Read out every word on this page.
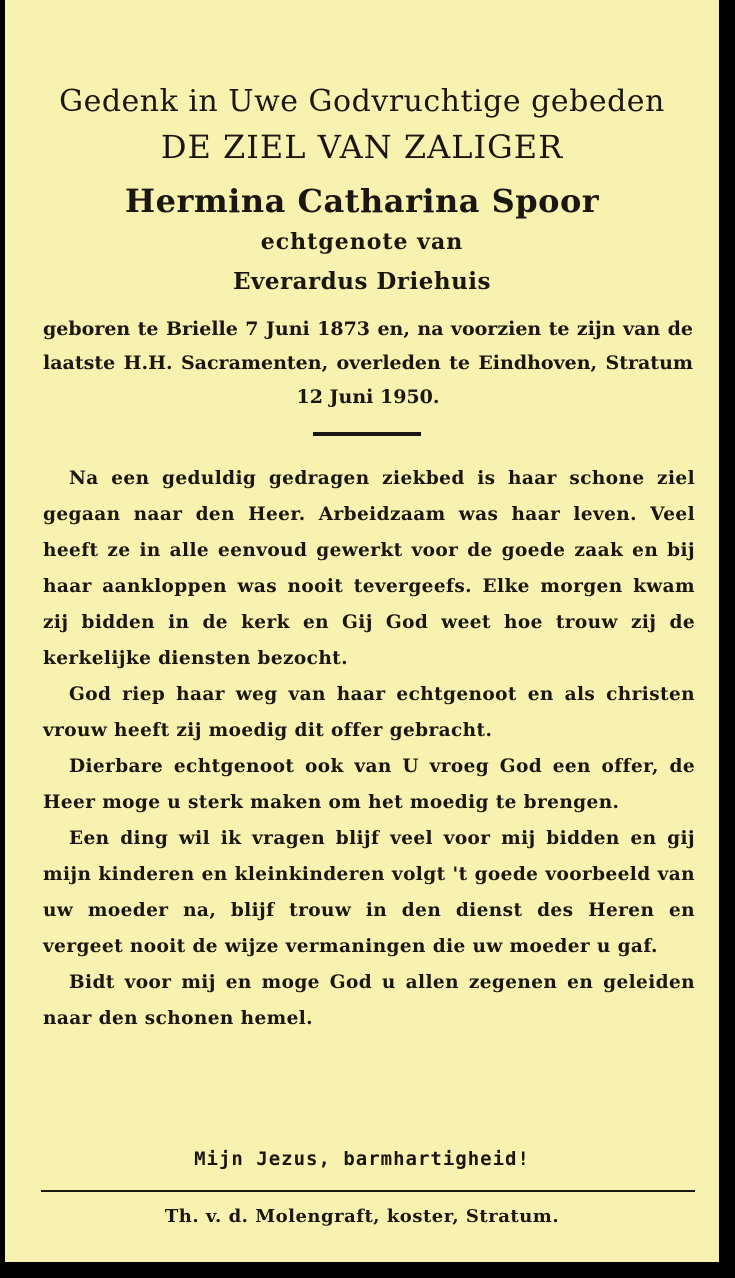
Gedenk in Uwe Godvruchtige gebeden
DE ZIEL VAN ZALIGER
Hermina Catharina Spoor
echtgenote van
Everardus Driehuis
geboren te Brielle 7 Juni 1873 en, na voorzien te zijn van de laatste H.H. Sacramenten, overleden te Eindhoven, Stratum 12 Juni 1950.

Na een geduldig gedragen ziekbed is haar schone ziel gegaan naar den Heer. Arbeidzaam was haar leven. Veel heeft ze in alle eenvoud gewerkt voor de goede zaak en bij haar aankloppen was nooit tevergeefs. Elke morgen kwam zij bidden in de kerk en Gij God weet hoe trouw zij de kerkelijke diensten bezocht.

God riep haar weg van haar echtgenoot en als christen vrouw heeft zij moedig dit offer gebracht.

Dierbare echtgenoot ook van U vroeg God een offer, de Heer moge u sterk maken om het moedig te brengen.

Een ding wil ik vragen blijf veel voor mij bidden en gij mijn kinderen en kleinkinderen volgt 't goede voorbeeld van uw moeder na, blijf trouw in den dienst des Heren en vergeet nooit de wijze vermaningen die uw moeder u gaf.

Bidt voor mij en moge God u allen zegenen en geleiden naar den schonen hemel.

Mijn Jezus, barmhartigheid!
Th. v. d. Molengraft, koster, Stratum.
